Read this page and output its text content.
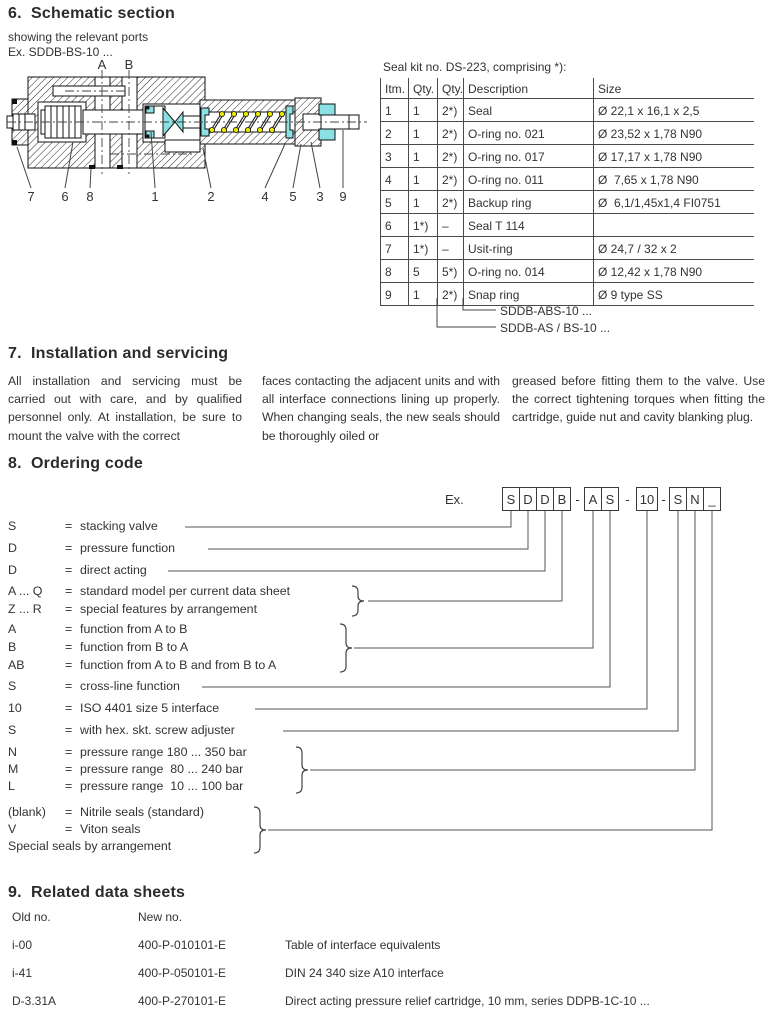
6.  Schematic section
showing the relevant ports
Ex. SDDB-BS-10 ...
A B
7	6	8	1	2	4	5	3	9
Seal kit no. DS-223, comprising *):
Itm.	Qty.	Qty.	Description	Size
1	1	2*)	Seal	Ø 22,1 x 16,1 x 2,5
2	1	2*)	O-ring no. 021	Ø 23,52 x 1,78 N90
3	1	2*)	O-ring no. 017	Ø 17,17 x 1,78 N90
4	1	2*)	O-ring no. 011	Ø  7,65 x 1,78 N90
5	1	2*)	Backup ring	Ø  6,1/1,45x1,4 FI0751
6	1*)	–	Seal T 114	
7	1*)	–	Usit-ring	Ø 24,7 / 32 x 2
8	5	5*)	O-ring no. 014	Ø 12,42 x 1,78 N90
9	1	2*)	Snap ring	Ø 9 type SS
SDDB-ABS-10 ...
SDDB-AS / BS-10 ...
7.  Installation and servicing
All installation and servicing must be carried out with care, and by qualified personnel only. At installation, be sure to mount the valve with the correct
faces contacting the adjacent units and with all interface connections lining up properly. When changing seals, the new seals should be thoroughly oiled or
greased before fitting them to the valve. Use the correct tightening torques when fitting the cartridge, guide nut and cavity blanking plug.
8.  Ordering code
Ex.	S D D B - A S - 10 - S N _
S	= stacking valve
D	= pressure function
D	= direct acting
A ... Q	= standard model per current data sheet
Z ... R	= special features by arrangement
A	= function from A to B
B	= function from B to A
AB	= function from A to B and from B to A
S	= cross-line function
10	= ISO 4401 size 5 interface
S	= with hex. skt. screw adjuster
N	= pressure range 180 ... 350 bar
M	= pressure range  80 ... 240 bar
L	= pressure range  10 ... 100 bar
(blank)	= Nitrile seals (standard)
V	= Viton seals
Special seals by arrangement
9.  Related data sheets
Old no.	New no.
i-00	400-P-010101-E	Table of interface equivalents
i-41	400-P-050101-E	DIN 24 340 size A10 interface
D-3.31A	400-P-270101-E	Direct acting pressure relief cartridge, 10 mm, series DDPB-1C-10 ...
